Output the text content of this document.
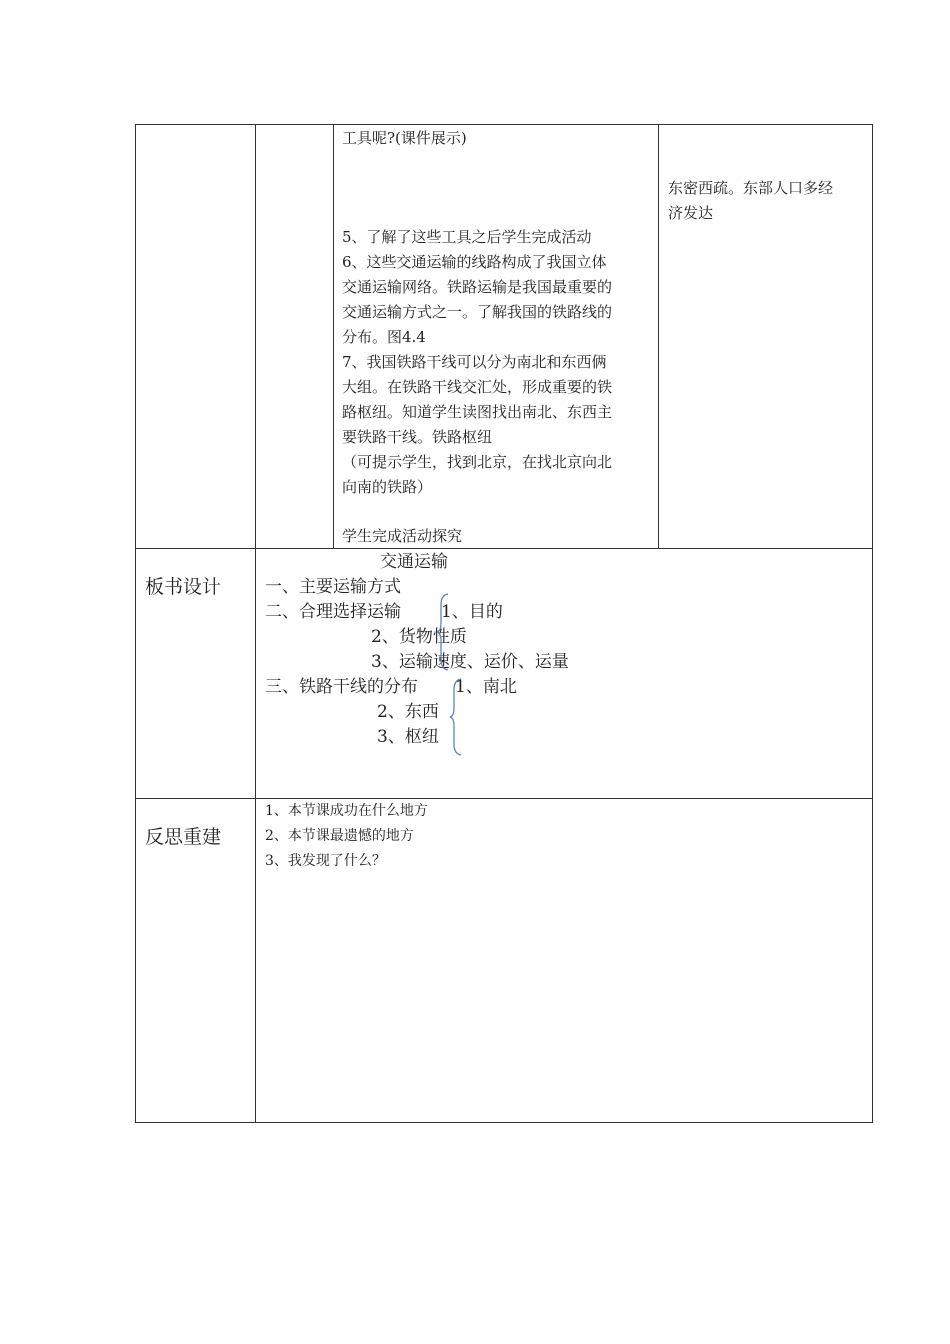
工具呢?(课件展示)
5、了解了这些工具之后学生完成活动
6、这些交通运输的线路构成了我国立体
交通运输网络。铁路运输是我国最重要的
交通运输方式之一。了解我国的铁路线的
分布。图4.4
7、我国铁路干线可以分为南北和东西俩
大组。在铁路干线交汇处，形成重要的铁
路枢纽。知道学生读图找出南北、东西主
要铁路干线。铁路枢纽
（可提示学生，找到北京，在找北京向北
向南的铁路）
学生完成活动探究
东密西疏。东部人口多经
济发达
板书设计
交通运输
一、主要运输方式
二、合理选择运输 1、目的
2、货物性质
3、运输速度、运价、运量
三、铁路干线的分布 1、南北
2、东西
3、枢纽
反思重建
1、本节课成功在什么地方
2、本节课最遗憾的地方
3、我发现了什么？
